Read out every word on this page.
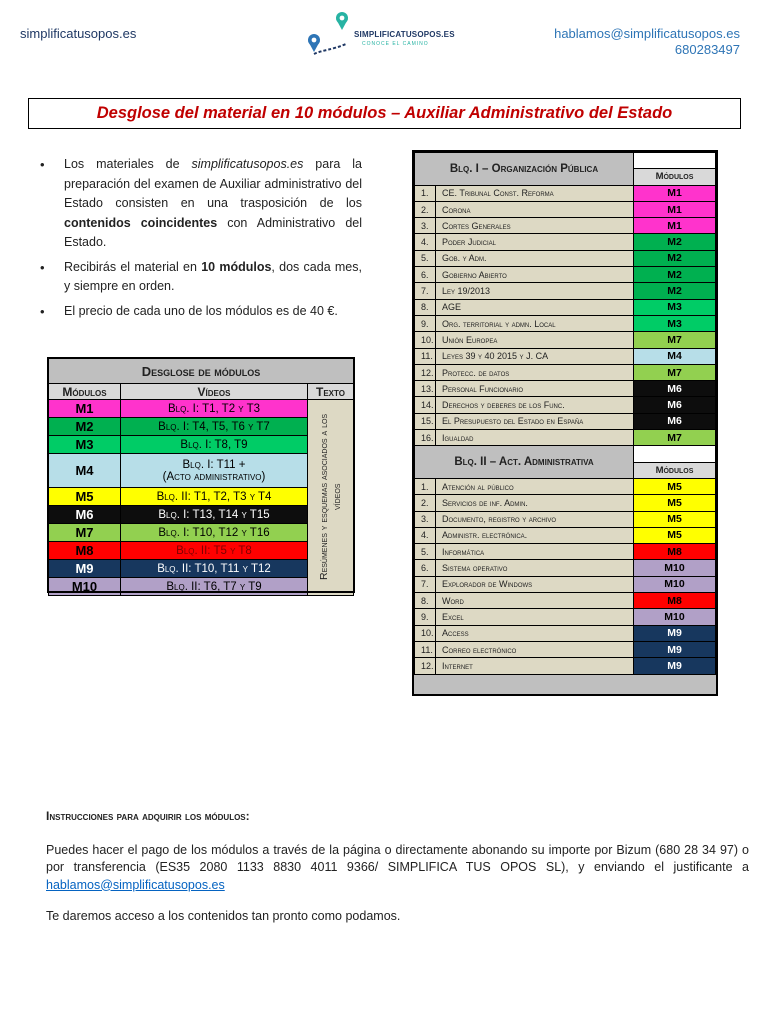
simplificatusopos.es	SIMPLIFICATUSOPOS.ES
CONOCE EL CAMINO
hablamos@simplificatusopos.es
680283497
Desglose del material en 10 módulos – Auxiliar Administrativo del Estado
• Los materiales de simplificatusopos.es para la preparación del examen de Auxiliar administrativo del Estado consisten en una trasposición de los contenidos coincidentes con Administrativo del Estado.
• Recibirás el material en 10 módulos, dos cada mes, y siempre en orden.
• El precio de cada uno de los módulos es de 40 €.
Desglose de módulos		
Módulos	Vídeos	Texto
M1	Blq. I: T1, T2 y T3	Resúmenes y esquemas asociados a los vídeos
M2	Blq. I: T4, T5, T6 y T7	

M3	Blq. I: T8, T9	

M4	Blq. I: T11 +
(Acto administrativo)	

M5	Blq. II: T1, T2, T3 y T4	

M6	Blq. I: T13, T14 y T15	

M7	Blq. I: T10, T12 y T16	

M8	Blq. II: T5 y T8	

M9	Blq. II: T10, T11 y T12	

M10	Blq. II: T6, T7 y T9	
Blq. I – Organización Pública		
		Módulos
1.	CE. Tribunal Const. Reforma	M1
2.	Corona	M1
3.	Cortes Generales	M1
4.	Poder Judicial	M2
5.	Gob. y Adm.	M2
6.	Gobierno Abierto	M2
7.	Ley 19/2013	M2
8.	AGE	M3
9.	Org. territorial y admn. Local	M3
10.	Unión Europea	M7
11.	Leyes 39 y 40 2015 y J. CA	M4
12.	Protecc. de datos	M7
13.	Personal Funcionario	M6
14.	Derechos y deberes de los Func.	M6
15.	El Presupuesto del Estado en España	M6
16.	Igualdad	M7
Blq. II – Act. Administrativa		
		Módulos
1.	Atención al público	M5
2.	Servicios de inf. Admin.	M5
3.	Documento, registro y archivo	M5
4.	Administr. electrónica.	M5
5.	Informática	M8
6.	Sistema operativo	M10
7.	Explorador de Windows	M10
8.	Word	M8
9.	Excel	M10
10.	Access	M9
11.	Correo electrónico	M9
12.	Internet	M9
Instrucciones para adquirir los módulos:

Puedes hacer el pago de los módulos a través de la página o directamente abonando su importe por Bizum (680 28 34 97) o por transferencia (ES35 2080 1133 8830 4011 9366/ SIMPLIFICA TUS OPOS SL), y enviando el justificante a hablamos@simplificatusopos.es

Te daremos acceso a los contenidos tan pronto como podamos.
